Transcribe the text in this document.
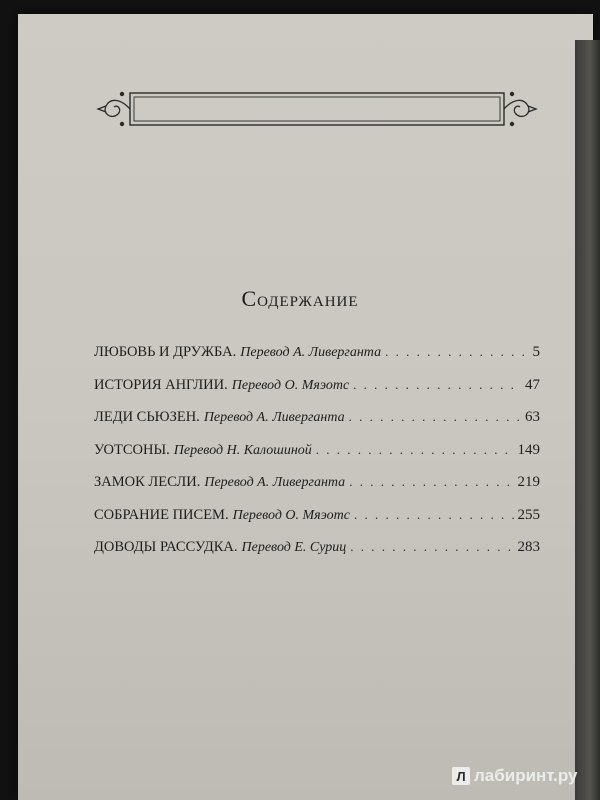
Содержание
ЛЮБОВЬ И ДРУЖБА. Перевод А. Ливерганта . . .	5
ИСТОРИЯ АНГЛИИ. Перевод О. Мяэотс . . .	47
ЛЕДИ СЬЮЗЕН. Перевод А. Ливерганта . . .	63
УОТСОНЫ. Перевод Н. Калошиной . . .	149
ЗАМОК ЛЕСЛИ. Перевод А. Ливерганта . . .	219
СОБРАНИЕ ПИСЕМ. Перевод О. Мяэотс . . .	255
ДОВОДЫ РАССУДКА. Перевод Е. Суриц . . .	283
Л лабиринт.ру
